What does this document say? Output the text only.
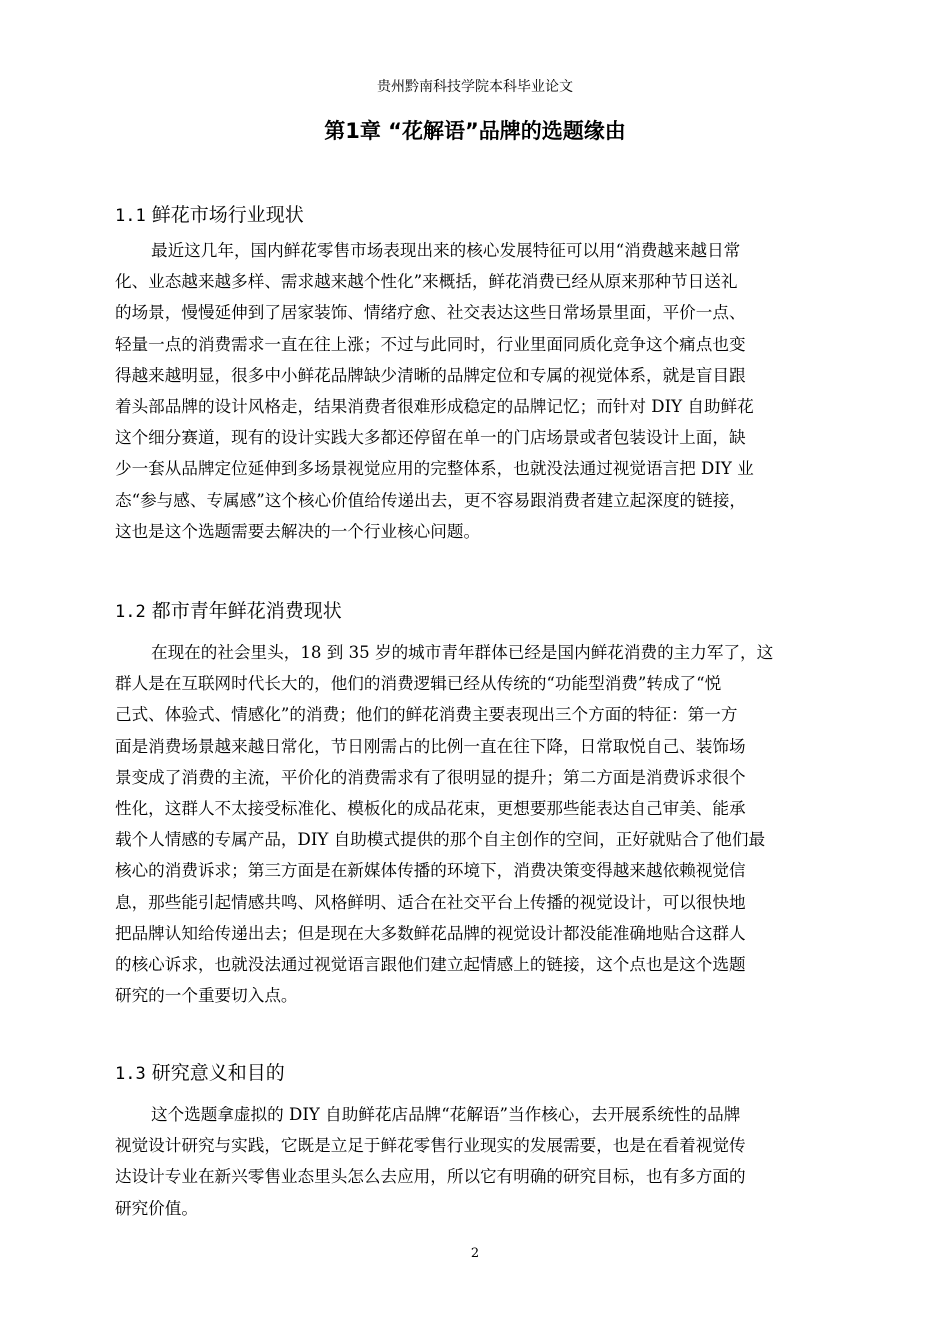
贵州黔南科技学院本科毕业论文
第1章 “花解语”品牌的选题缘由
1.1 鲜花市场行业现状
最近这几年，国内鲜花零售市场表现出来的核心发展特征可以用“消费越来越日常
化、业态越来越多样、需求越来越个性化”来概括，鲜花消费已经从原来那种节日送礼
的场景，慢慢延伸到了居家装饰、情绪疗愈、社交表达这些日常场景里面，平价一点、
轻量一点的消费需求一直在往上涨；不过与此同时，行业里面同质化竞争这个痛点也变
得越来越明显，很多中小鲜花品牌缺少清晰的品牌定位和专属的视觉体系，就是盲目跟
着头部品牌的设计风格走，结果消费者很难形成稳定的品牌记忆；而针对 DIY 自助鲜花
这个细分赛道，现有的设计实践大多都还停留在单一的门店场景或者包装设计上面，缺
少一套从品牌定位延伸到多场景视觉应用的完整体系，也就没法通过视觉语言把 DIY 业
态“参与感、专属感”这个核心价值给传递出去，更不容易跟消费者建立起深度的链接，
这也是这个选题需要去解决的一个行业核心问题。
1.2 都市青年鲜花消费现状
在现在的社会里头，18 到 35 岁的城市青年群体已经是国内鲜花消费的主力军了，这
群人是在互联网时代长大的，他们的消费逻辑已经从传统的“功能型消费”转成了“悦
己式、体验式、情感化”的消费；他们的鲜花消费主要表现出三个方面的特征：第一方
面是消费场景越来越日常化，节日刚需占的比例一直在往下降，日常取悦自己、装饰场
景变成了消费的主流，平价化的消费需求有了很明显的提升；第二方面是消费诉求很个
性化，这群人不太接受标准化、模板化的成品花束，更想要那些能表达自己审美、能承
载个人情感的专属产品，DIY 自助模式提供的那个自主创作的空间，正好就贴合了他们最
核心的消费诉求；第三方面是在新媒体传播的环境下，消费决策变得越来越依赖视觉信
息，那些能引起情感共鸣、风格鲜明、适合在社交平台上传播的视觉设计，可以很快地
把品牌认知给传递出去；但是现在大多数鲜花品牌的视觉设计都没能准确地贴合这群人
的核心诉求，也就没法通过视觉语言跟他们建立起情感上的链接，这个点也是这个选题
研究的一个重要切入点。
1.3 研究意义和目的
这个选题拿虚拟的 DIY 自助鲜花店品牌“花解语”当作核心，去开展系统性的品牌
视觉设计研究与实践，它既是立足于鲜花零售行业现实的发展需要，也是在看着视觉传
达设计专业在新兴零售业态里头怎么去应用，所以它有明确的研究目标，也有多方面的
研究价值。
2
